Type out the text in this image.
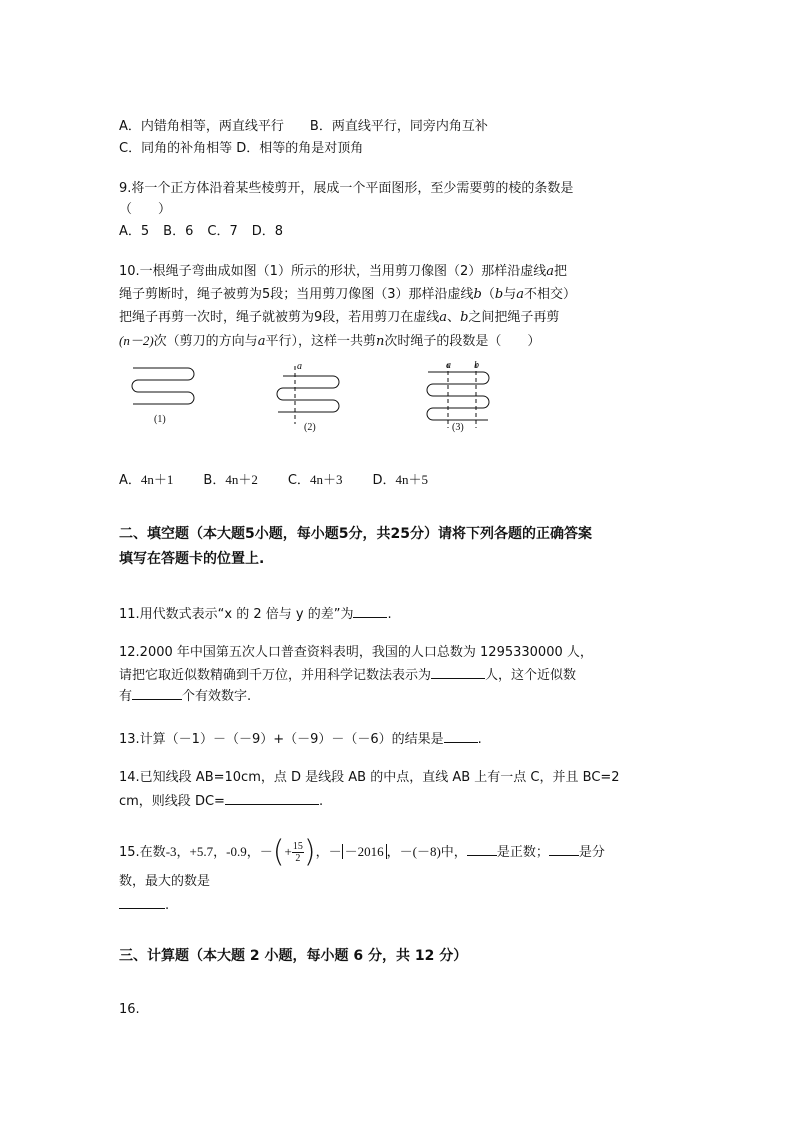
A．内错角相等，两直线平行 B．两直线平行，同旁内角互补
C．同角的补角相等 D．相等的角是对顶角
9.将一个正方体沿着某些棱剪开，展成一个平面图形，至少需要剪的棱的条数是
（　　）
A．5 B．6 C．7 D．8
10.一根绳子弯曲成如图（1）所示的形状，当用剪刀像图（2）那样沿虚线a把
绳子剪断时，绳子被剪为5段；当用剪刀像图（3）那样沿虚线b（b与a不相交）
把绳子再剪一次时，绳子就被剪为9段，若用剪刀在虚线a、b之间把绳子再剪
(n－2)次（剪刀的方向与a平行），这样一共剪n次时绳子的段数是（　　）
(1)
(2)	(3)
a	a b
A．4n＋1 B．4n＋2 C．4n＋3 D．4n＋5
二、填空题（本大题5小题，每小题5分，共25分）请将下列各题的正确答案
填写在答题卡的位置上.
11.用代数式表示“x 的 2 倍与 y 的差”为	.
12.2000 年中国第五次人口普查资料表明，我国的人口总数为 1295330000 人，
请把它取近似数精确到千万位，并用科学记数法表示为	人，这个近似数
有	个有效数字.
13.计算（－1）－（－9）+（－9）－（－6）的结果是	.
14.已知线段 AB=10cm，点 D 是线段 AB 的中点，直线 AB 上有一点 C，并且 BC=2
cm，则线段 DC=	.
15.在数-3，+5.7，-0.9，－(+ $\frac{15}{2}$ )，－ －2016 ，－(－8)中， 是正数； 是分
数，最大的数是
.
三、计算题（本大题 2 小题，每小题 6 分，共 12 分）
16.
